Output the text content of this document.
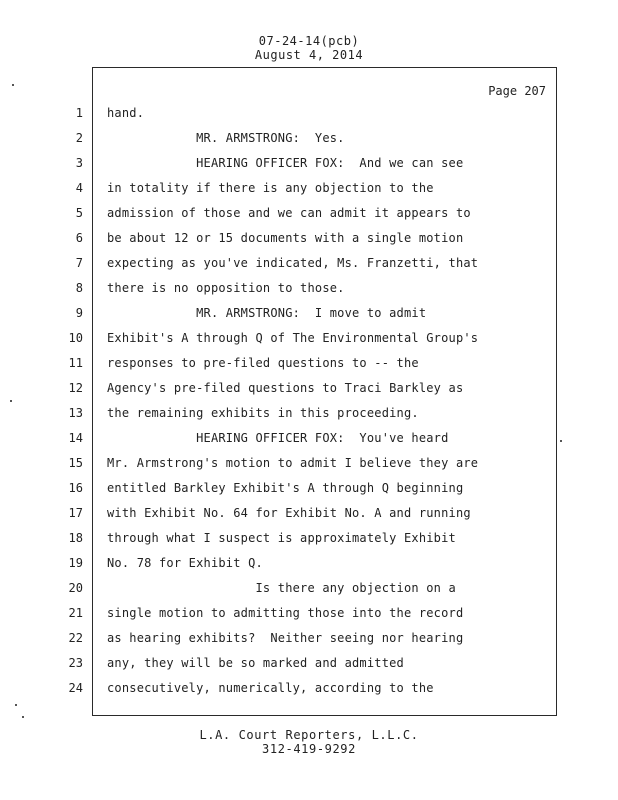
07-24-14(pcb)
August 4, 2014
Page 207
1 hand.
2 MR. ARMSTRONG:  Yes.
3 HEARING OFFICER FOX:  And we can see
4 in totality if there is any objection to the
5 admission of those and we can admit it appears to
6 be about 12 or 15 documents with a single motion
7 expecting as you've indicated, Ms. Franzetti, that
8 there is no opposition to those.
9 MR. ARMSTRONG:  I move to admit
10 Exhibit's A through Q of The Environmental Group's
11 responses to pre-filed questions to -- the
12 Agency's pre-filed questions to Traci Barkley as
13 the remaining exhibits in this proceeding.
14 HEARING OFFICER FOX:  You've heard
15 Mr. Armstrong's motion to admit I believe they are
16 entitled Barkley Exhibit's A through Q beginning
17 with Exhibit No. 64 for Exhibit No. A and running
18 through what I suspect is approximately Exhibit
19 No. 78 for Exhibit Q.
20 Is there any objection on a
21 single motion to admitting those into the record
22 as hearing exhibits?  Neither seeing nor hearing
23 any, they will be so marked and admitted
24 consecutively, numerically, according to the
L.A. Court Reporters, L.L.C.
312-419-9292
